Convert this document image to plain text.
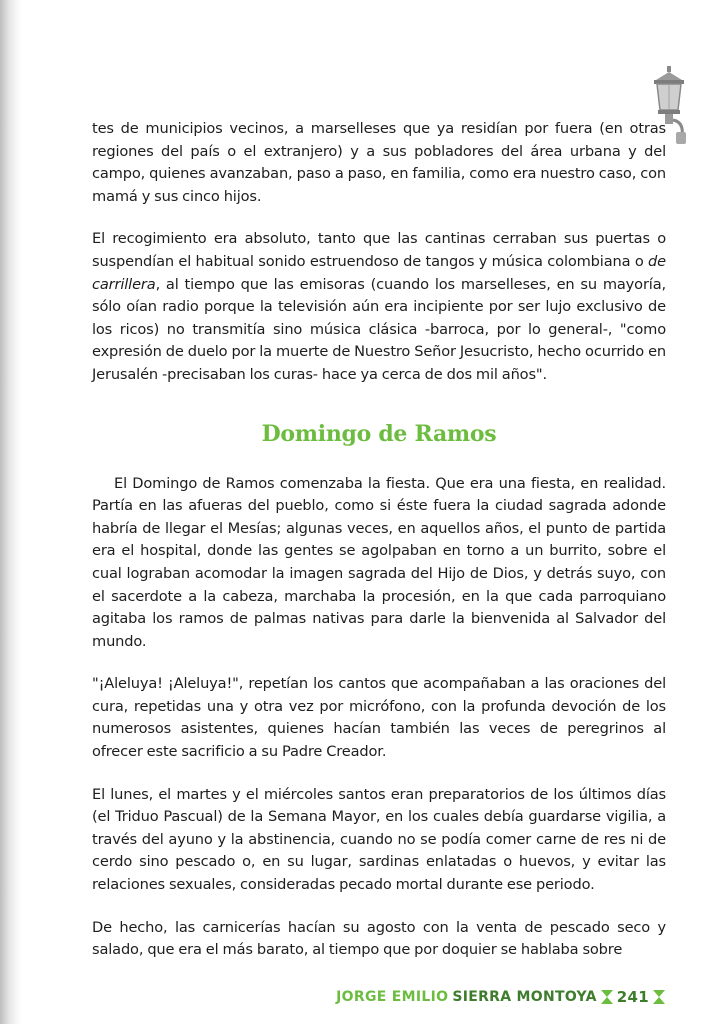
tes de municipios vecinos, a marselleses que ya residían por fuera (en otras regiones del país o el extranjero) y a sus pobladores del área urbana y del campo, quienes avanzaban, paso a paso, en familia, como era nuestro caso, con mamá y sus cinco hijos.

El recogimiento era absoluto, tanto que las cantinas cerraban sus puertas o suspendían el habitual sonido estruendoso de tangos y música colombiana o de carrillera, al tiempo que las emisoras (cuando los marselleses, en su mayoría, sólo oían radio porque la televisión aún era incipiente por ser lujo exclusivo de los ricos) no transmitía sino música clásica -barroca, por lo general-, "como expresión de duelo por la muerte de Nuestro Señor Jesucristo, hecho ocurrido en Jerusalén -precisaban los curas- hace ya cerca de dos mil años".

Domingo de Ramos

El Domingo de Ramos comenzaba la fiesta. Que era una fiesta, en realidad. Partía en las afueras del pueblo, como si éste fuera la ciudad sagrada adonde habría de llegar el Mesías; algunas veces, en aquellos años, el punto de partida era el hospital, donde las gentes se agolpaban en torno a un burrito, sobre el cual lograban acomodar la imagen sagrada del Hijo de Dios, y detrás suyo, con el sacerdote a la cabeza, marchaba la procesión, en la que cada parroquiano agitaba los ramos de palmas nativas para darle la bienvenida al Salvador del mundo.

"¡Aleluya! ¡Aleluya!", repetían los cantos que acompañaban a las oraciones del cura, repetidas una y otra vez por micrófono, con la profunda devoción de los numerosos asistentes, quienes hacían también las veces de peregrinos al ofrecer este sacrificio a su Padre Creador.

El lunes, el martes y el miércoles santos eran preparatorios de los últimos días (el Triduo Pascual) de la Semana Mayor, en los cuales debía guardarse vigilia, a través del ayuno y la abstinencia, cuando no se podía comer carne de res ni de cerdo sino pescado o, en su lugar, sardinas enlatadas o huevos, y evitar las relaciones sexuales, consideradas pecado mortal durante ese periodo.

De hecho, las carnicerías hacían su agosto con la venta de pescado seco y salado, que era el más barato, al tiempo que por doquier se hablaba sobre

JORGE EMILIO SIERRA MONTOYA 241
